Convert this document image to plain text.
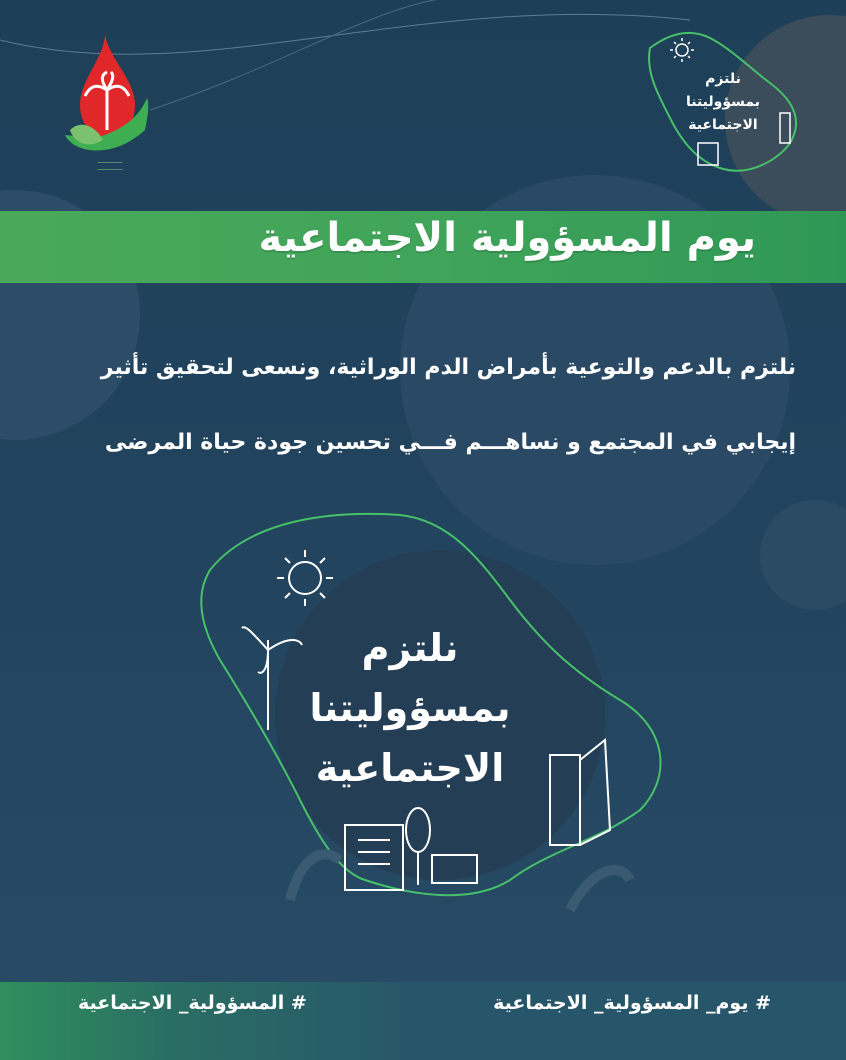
⎯⎯⎯⎯⎯⎯⎯⎯⎯⎯
⎯⎯⎯⎯⎯⎯⎯⎯⎯⎯
نلتزم
بمسؤوليتنا
الاجتماعية
يوم المسؤولية الاجتماعية
نلتزم بالدعم والتوعية بأمراض الدم الوراثية، ونسعى لتحقيق تأثير
إيجابي في المجتمع و نساهـــم فـــي تحسين جودة حياة المرضى
نلتزم
بمسؤوليتنا
الاجتماعية
# يوم_ المسؤولية_ الاجتماعية
# المسؤولية_ الاجتماعية
